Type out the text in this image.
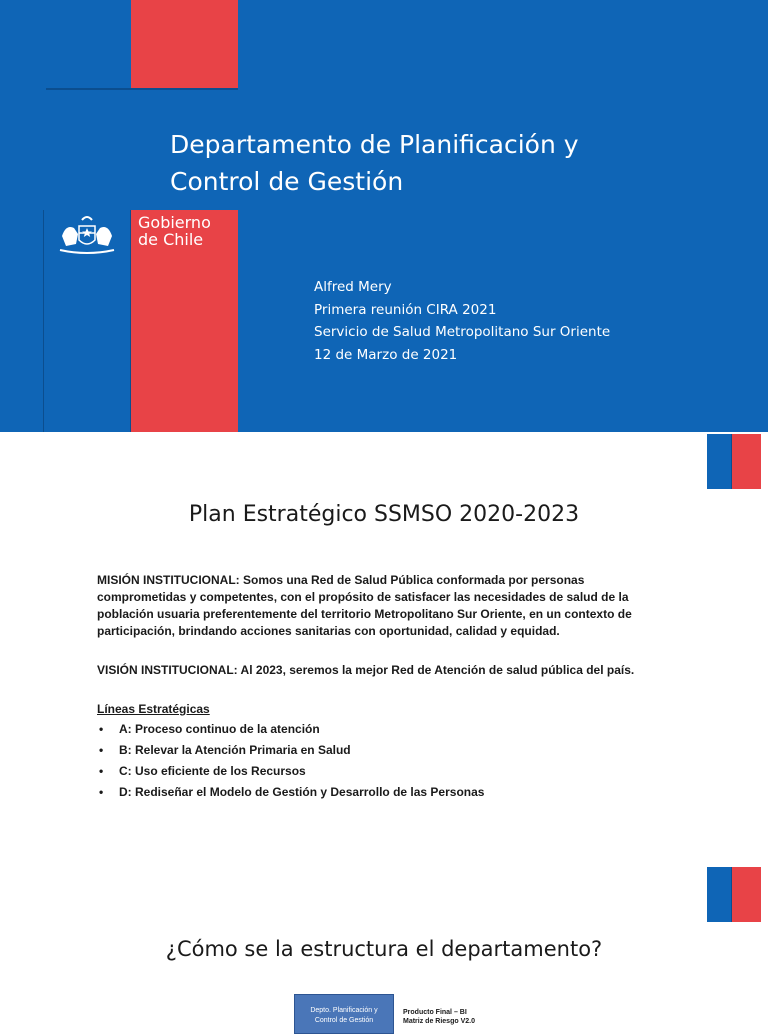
Departamento de Planificación y
Control de Gestión
Gobierno
de Chile
Alfred Mery
Primera reunión CIRA 2021
Servicio de Salud Metropolitano Sur Oriente
12 de Marzo de 2021
Plan Estratégico SSMSO 2020-2023

MISIÓN INSTITUCIONAL: Somos una Red de Salud Pública conformada por personas comprometidas y competentes, con el propósito de satisfacer las necesidades de salud de la población usuaria preferentemente del territorio Metropolitano Sur Oriente, en un contexto de participación, brindando acciones sanitarias con oportunidad, calidad y equidad.

VISIÓN INSTITUCIONAL: Al 2023, seremos la mejor Red de Atención de salud pública del país.

Líneas Estratégicas
• A: Proceso continuo de la atención
• B: Relevar la Atención Primaria en Salud
• C: Uso eficiente de los Recursos
• D: Rediseñar el Modelo de Gestión y Desarrollo de las Personas
¿Cómo se la estructura el departamento?
Depto. Planificación y
Control de Gestión
Producto Final – BI
Matriz de Riesgo V2.0
